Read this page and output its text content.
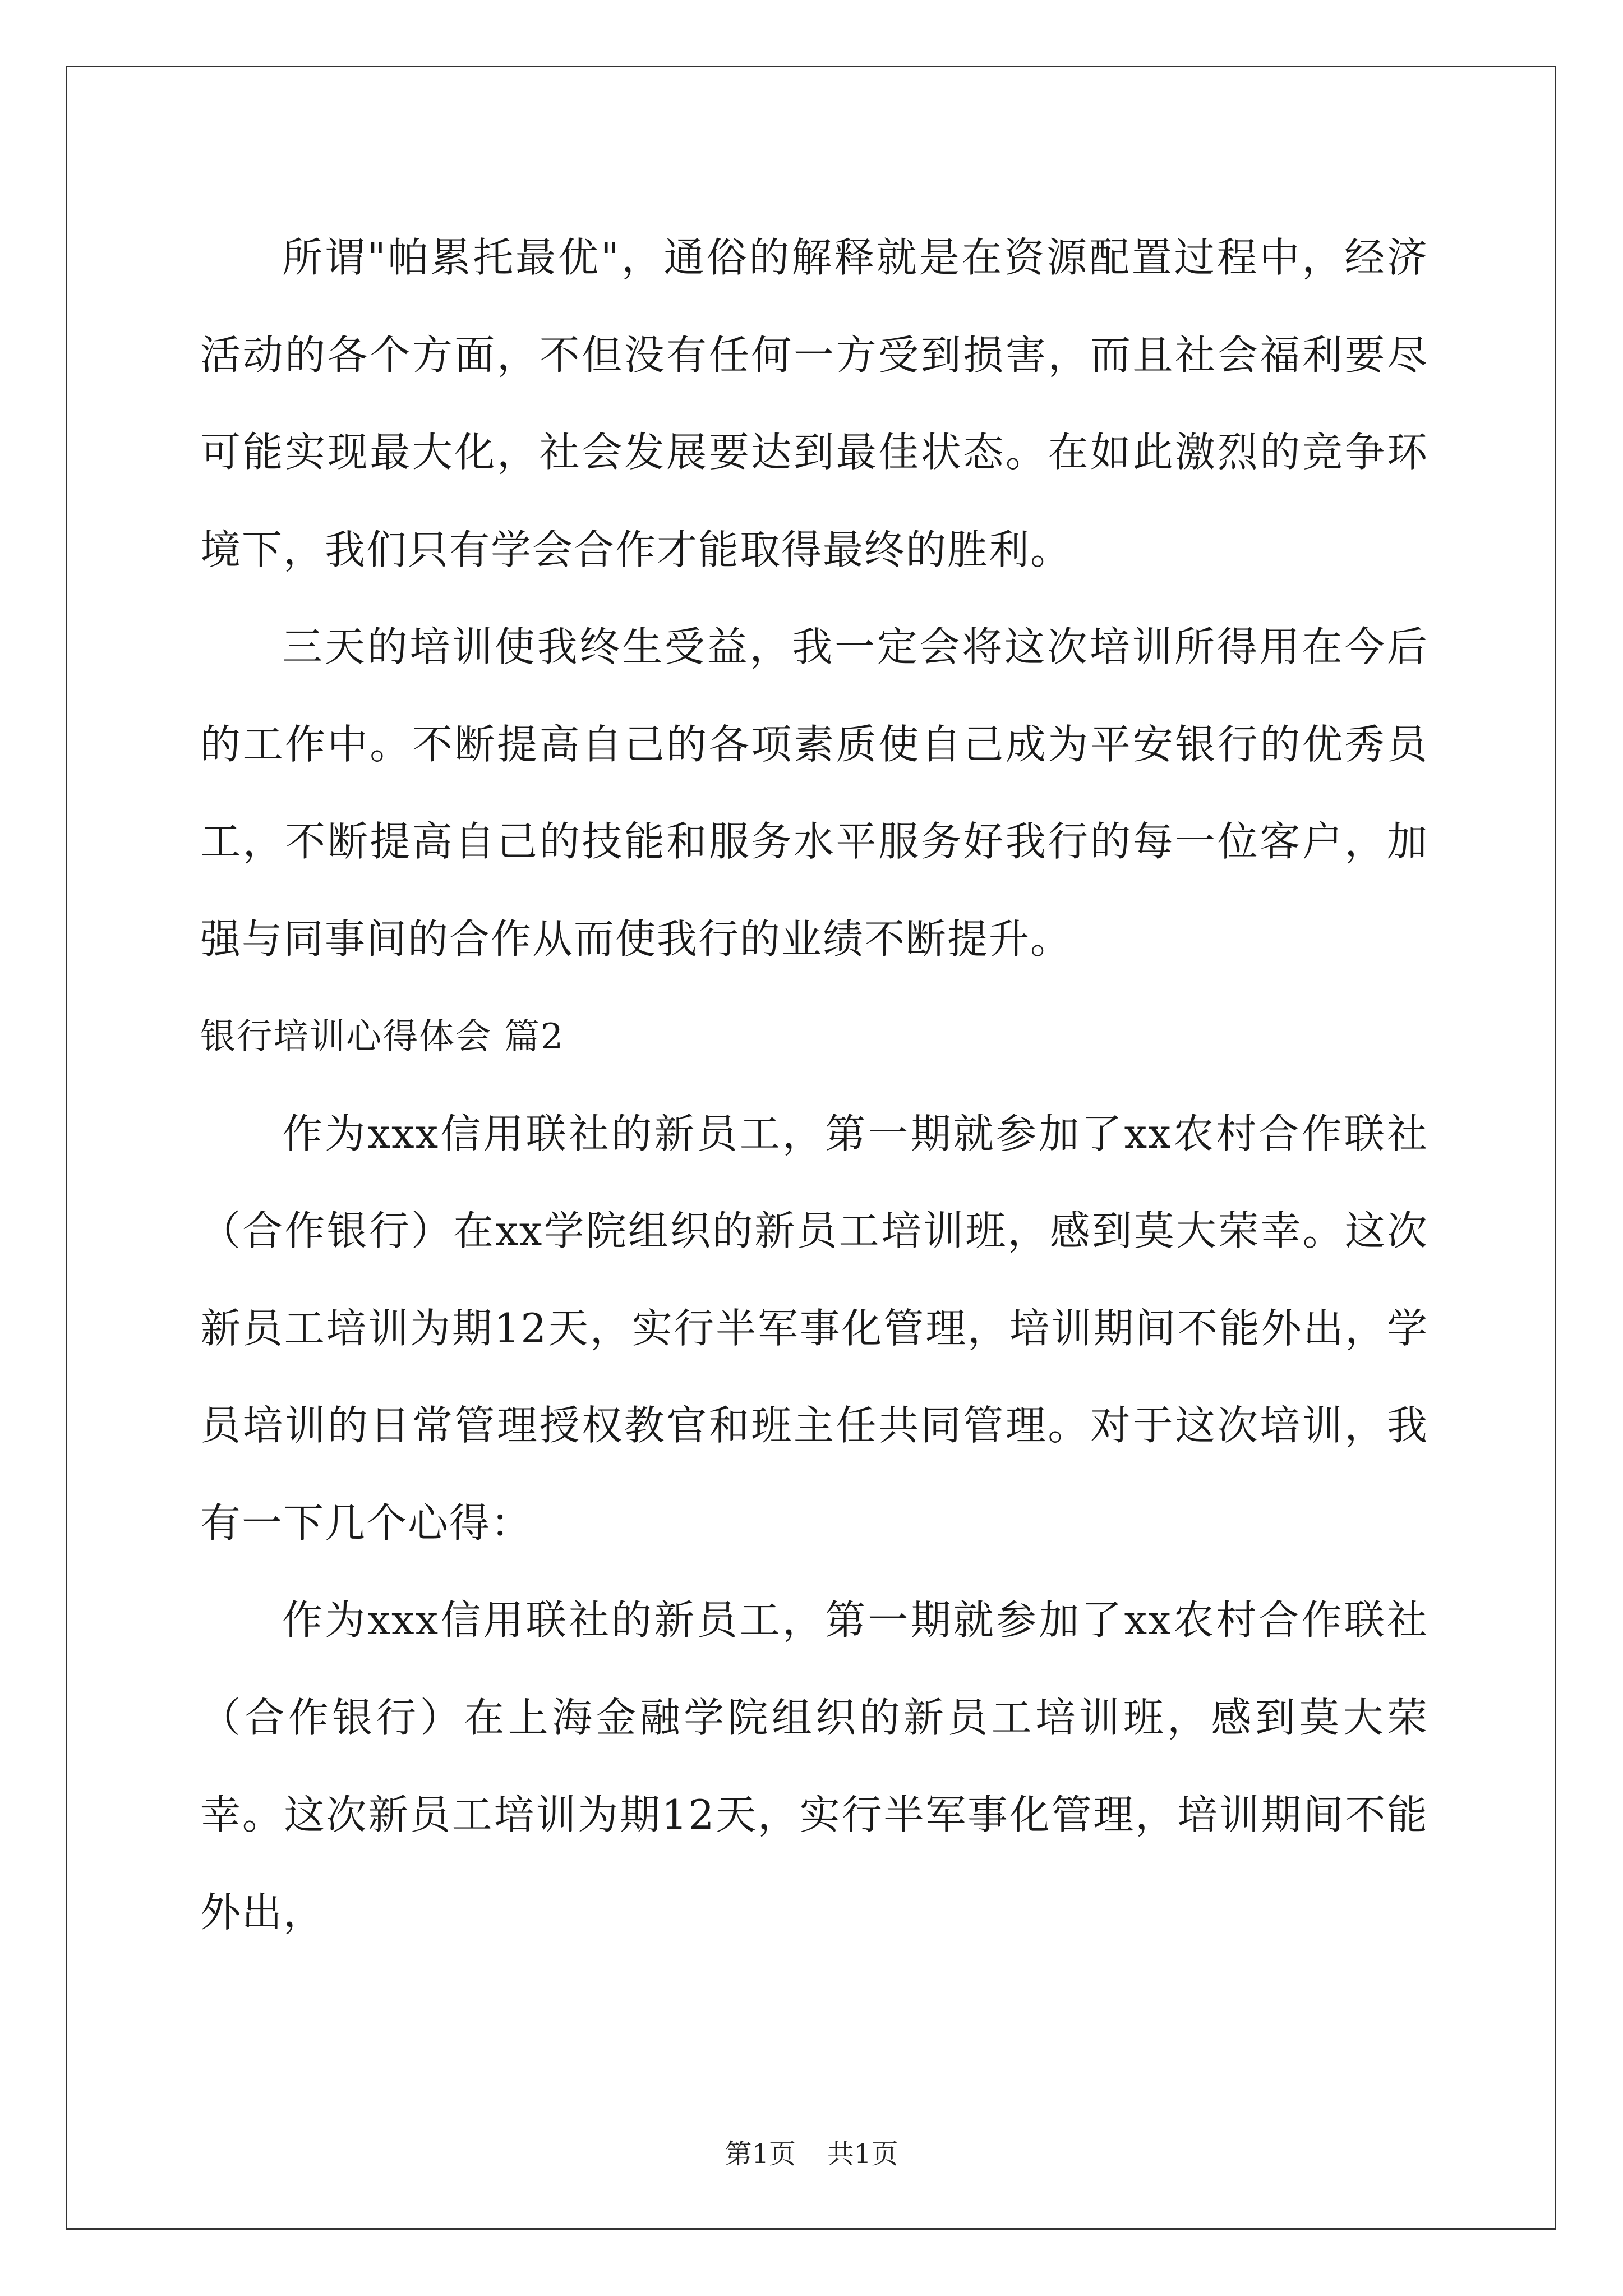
所谓"帕累托最优"，通俗的解释就是在资源配置过程中，经济活动的各个方面，不但没有任何一方受到损害，而且社会福利要尽可能实现最大化，社会发展要达到最佳状态。在如此激烈的竞争环境下，我们只有学会合作才能取得最终的胜利。

三天的培训使我终生受益，我一定会将这次培训所得用在今后的工作中。不断提高自己的各项素质使自己成为平安银行的优秀员工，不断提高自己的技能和服务水平服务好我行的每一位客户，加强与同事间的合作从而使我行的业绩不断提升。

银行培训心得体会 篇2

作为xxx信用联社的新员工，第一期就参加了xx农村合作联社（合作银行）在xx学院组织的新员工培训班，感到莫大荣幸。这次新员工培训为期12天，实行半军事化管理，培训期间不能外出，学员培训的日常管理授权教官和班主任共同管理。对于这次培训，我有一下几个心得：

作为xxx信用联社的新员工，第一期就参加了xx农村合作联社（合作银行）在上海金融学院组织的新员工培训班，感到莫大荣幸。这次新员工培训为期12天，实行半军事化管理，培训期间不能外出，

第1页 共1页
